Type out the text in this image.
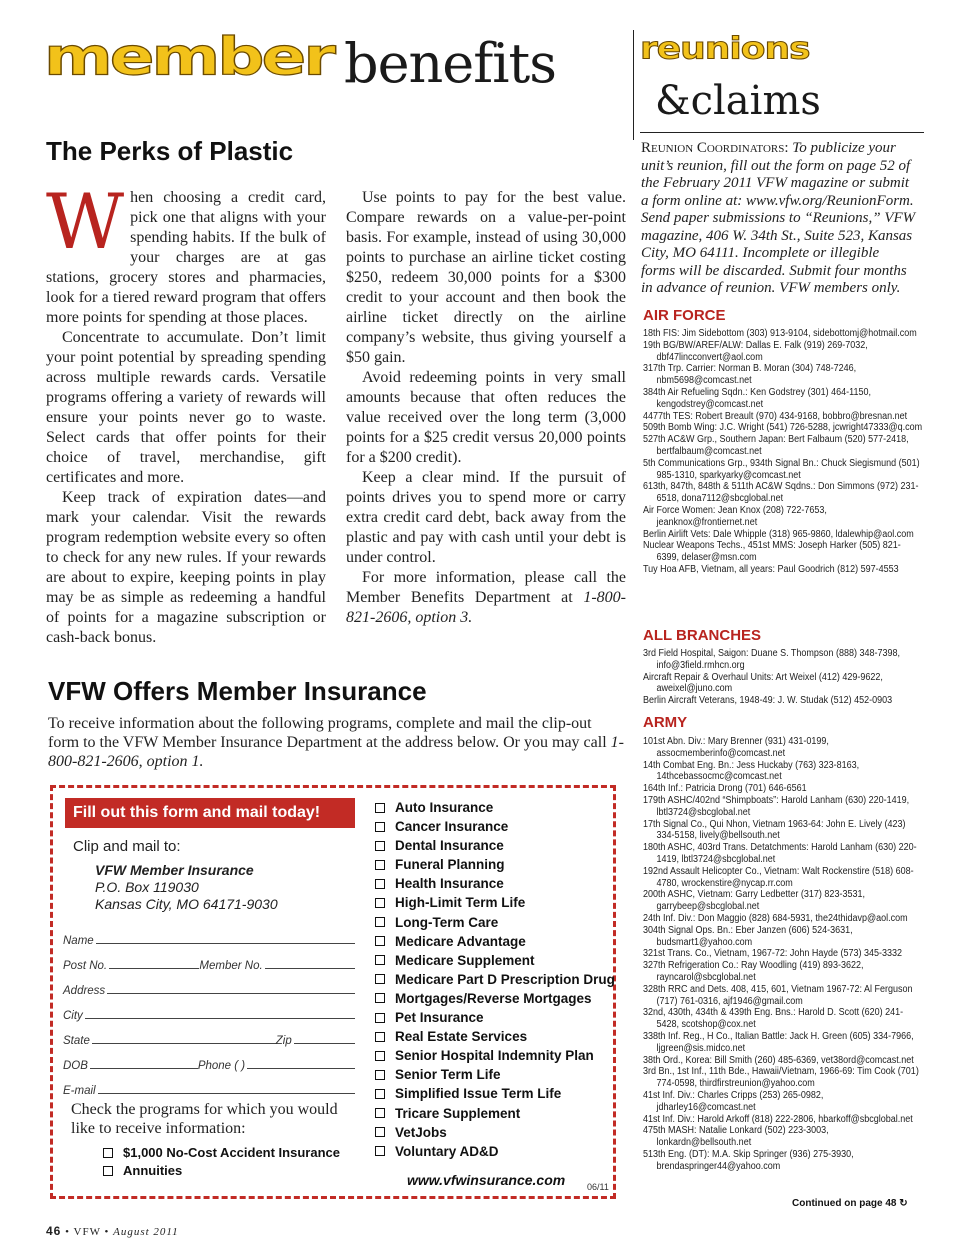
member benefits reunions
&claims
The Perks of Plastic

When choosing a credit card, pick one that aligns with your spending habits. If the bulk of your charges are at gas stations, grocery stores and pharmacies, look for a tiered reward program that offers more points for spending at those places.

Concentrate to accumulate. Don’t limit your point potential by spreading spending across multiple rewards cards. Versatile programs offering a variety of rewards will ensure your points never go to waste. Select cards that offer points for their choice of travel, merchandise, gift certificates and more.

Keep track of expiration dates—and mark your calendar. Visit the rewards program redemption website every so often to check for any new rules. If your rewards are about to expire, keeping points in play may be as simple as redeeming a handful of points for a magazine subscription or cash-back bonus.

Use points to pay for the best value. Compare rewards on a value-per-point basis. For example, instead of using 30,000 points to purchase an airline ticket costing $250, redeem 30,000 points for a $300 credit to your account and then book the airline ticket directly on the airline company’s website, thus giving yourself a $50 gain.

Avoid redeeming points in very small amounts because that often reduces the value received over the long term (3,000 points for a $25 credit versus 20,000 points for a $200 credit).

Keep a clear mind. If the pursuit of points drives you to spend more or carry extra credit card debt, back away from the plastic and pay with cash until your debt is under control.

For more information, please call the Member Benefits Department at 1-800-821-2606, option 3.

VFW Offers Member Insurance

To receive information about the following programs, complete and mail the clip-out form to the VFW Member Insurance Department at the address below. Or you may call 1-800-821-2606, option 1.

Fill out this form and mail today!
Clip and mail to:
VFW Member Insurance
P.O. Box 119030
Kansas City, MO 64171-9030
Name
Post No.	Member No.
Address
City
State	Zip
DOB	Phone ( )
E-mail

Check the programs for which you would like to receive information:

$1,000 No-Cost Accident Insurance
Annuities
Auto Insurance
Cancer Insurance
Dental Insurance
Funeral Planning
Health Insurance
High-Limit Term Life
Long-Term Care
Medicare Advantage
Medicare Supplement
Medicare Part D Prescription Drug
Mortgages/Reverse Mortgages
Pet Insurance
Real Estate Services
Senior Hospital Indemnity Plan
Senior Term Life
Simplified Issue Term Life
Tricare Supplement
VetJobs
Voluntary AD&D
www.vfwinsurance.com 06/11

Reunion Coordinators: To publicize your unit’s reunion, fill out the form on page 52 of the February 2011 VFW magazine or submit a form online at: www.vfw.org/ReunionForm. Send paper submissions to “Reunions,” VFW magazine, 406 W. 34th St., Suite 523, Kansas City, MO 64111. Incomplete or illegible forms will be discarded. Submit four months in advance of reunion. VFW members only.

AIR FORCE
18th FIS: Jim Sidebottom (303) 913-9104, sidebottomj@hotmail.com
19th BG/BW/AREF/ALW: Dallas E. Falk (919) 269-7032, dbf47lincconvert@aol.com
317th Trp. Carrier: Norman B. Moran (304) 748-7246, nbm5698@comcast.net
384th Air Refueling Sqdn.: Ken Godstrey (301) 464-1150, kengodstrey@comcast.net
4477th TES: Robert Breault (970) 434-9168, bobbro@bresnan.net
509th Bomb Wing: J.C. Wright (541) 726-5288, jcwright47333@q.com
527th AC&W Grp., Southern Japan: Bert Falbaum (520) 577-2418, bertfalbaum@comcast.net
5th Communications Grp., 934th Signal Bn.: Chuck Siegismund (501) 985-1310, sparkyarky@comcast.net
613th, 847th, 848th & 511th AC&W Sqdns.: Don Simmons (972) 231-6518, dona7112@sbcglobal.net
Air Force Women: Jean Knox (208) 722-7653, jeanknox@frontiernet.net
Berlin Airlift Vets: Dale Whipple (318) 965-9860, ldalewhip@aol.com
Nuclear Weapons Techs., 451st MMS: Joseph Harker (505) 821-6399, delaser@msn.com
Tuy Hoa AFB, Vietnam, all years: Paul Goodrich (812) 597-4553
ALL BRANCHES
3rd Field Hospital, Saigon: Duane S. Thompson (888) 348-7398, info@3field.rmhcn.org
Aircraft Repair & Overhaul Units: Art Weixel (412) 429-9622, aweixel@juno.com
Berlin Aircraft Veterans, 1948-49: J. W. Studak (512) 452-0903
ARMY
101st Abn. Div.: Mary Brenner (931) 431-0199, assocmemberinfo@comcast.net
14th Combat Eng. Bn.: Jess Huckaby (763) 323-8163, 14thcebassocmc@comcast.net
164th Inf.: Patricia Drong (701) 646-6561
179th ASHC/402nd “Shimpboats”: Harold Lanham (630) 220-1419, lbtl3724@sbcglobal.net
17th Signal Co., Qui Nhon, Vietnam 1963-64: John E. Lively (423) 334-5158, lively@bellsouth.net
180th ASHC, 403rd Trans. Detatchments: Harold Lanham (630) 220-1419, lbtl3724@sbcglobal.net
192nd Assault Helicopter Co., Vietnam: Walt Rockenstire (518) 608-4780, wrockenstire@nycap.rr.com
200th ASHC, Vietnam: Garry Ledbetter (317) 823-3531, garrybeep@sbcglobal.net
24th Inf. Div.: Don Maggio (828) 684-5931, the24thidavp@aol.com
304th Signal Ops. Bn.: Eber Janzen (606) 524-3631, budsmart1@yahoo.com
321st Trans. Co., Vietnam, 1967-72: John Hayde (573) 345-3332
327th Refrigeration Co.: Ray Woodling (419) 893-3622, rayncarol@sbcglobal.net
328th RRC and Dets. 408, 415, 601, Vietnam 1967-72: Al Ferguson (717) 761-0316, ajf1946@gmail.com
32nd, 430th, 434th & 439th Eng. Bns.: Harold D. Scott (620) 241-5428, scotshop@cox.net
338th Inf. Reg., H Co., Italian Battle: Jack H. Green (605) 334-7966, ljgreen@sis.midco.net
38th Ord., Korea: Bill Smith (260) 485-6369, vet38ord@comcast.net
3rd Bn., 1st Inf., 11th Bde., Hawaii/Vietnam, 1966-69: Tim Cook (701) 774-0598, thirdfirstreunion@yahoo.com
41st Inf. Div.: Charles Cripps (253) 265-0982, jdharley16@comcast.net
41st Inf. Div.: Harold Arkoff (818) 222-2806, hbarkoff@sbcglobal.net
475th MASH: Natalie Lonkard (502) 223-3003, lonkardn@bellsouth.net
513th Eng. (DT): M.A. Skip Springer (936) 275-3930, brendaspringer44@yahoo.com
Continued on page 48 ↻
46 • VFW • August 2011
